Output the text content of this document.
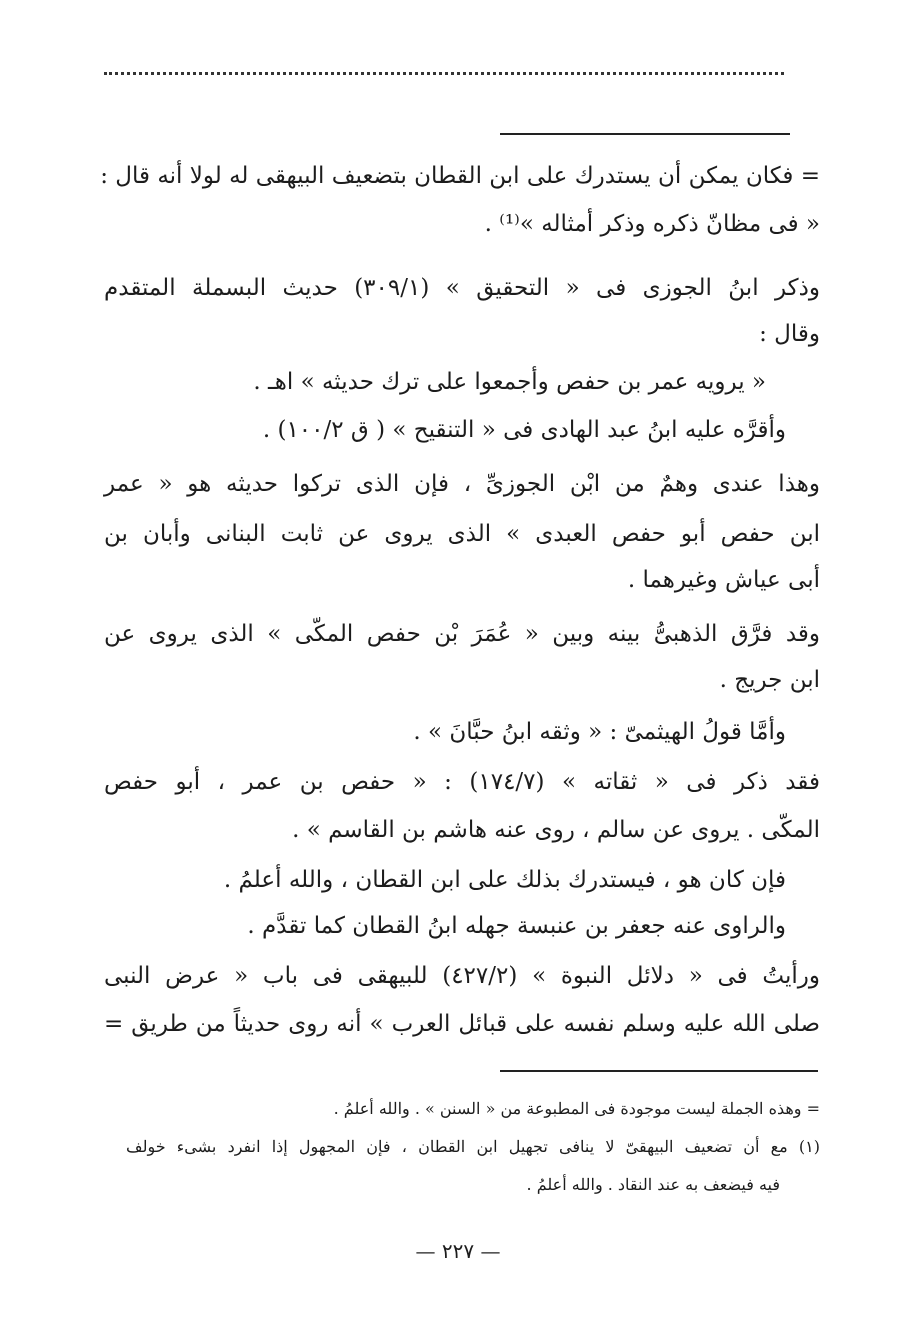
= فكان يمكن أن يستدرك على ابن القطان بتضعيف البيهقى له لولا أنه قال :
« فى مظانّ ذكره وذكر أمثاله »⁽¹⁾ .
وذكر ابنُ الجوزى فى « التحقيق » (٣٠٩/١) حديث البسملة المتقدم
وقال :
« يرويه عمر بن حفص وأجمعوا على ترك حديثه » اهـ .
وأقرَّه عليه ابنُ عبد الهادى فى « التنقيح » ( ق ١٠٠/٢) .
وهذا عندى وهمٌ من ابْن الجوزىِّ ، فإن الذى تركوا حديثه هو « عمر
ابن حفص أبو حفص العبدى » الذى يروى عن ثابت البنانى وأبان بن
أبى عياش وغيرهما .
وقد فرَّق الذهبىُّ بينه وبين « عُمَرَ بْن حفص المكّى » الذى يروى عن
ابن جريج .
وأمَّا قولُ الهيثمىّ : « وثقه ابنُ حبَّانَ » .
فقد ذكر فى « ثقاته » (١٧٤/٧) : « حفص بن عمر ، أبو حفص
المكّى . يروى عن سالم ، روى عنه هاشم بن القاسم » .
فإن كان هو ، فيستدرك بذلك على ابن القطان ، والله أعلمُ .
والراوى عنه جعفر بن عنبسة جهله ابنُ القطان كما تقدَّم .
ورأيتُ فى « دلائل النبوة » (٤٢٧/٢) للبيهقى فى باب « عرض النبى
صلى الله عليه وسلم نفسه على قبائل العرب » أنه روى حديثاً من طريق =
= وهذه الجملة ليست موجودة فى المطبوعة من « السنن » . والله أعلمُ .
(١) مع أن تضعيف البيهقىّ لا ينافى تجهيل ابن القطان ، فإن المجهول إذا انفرد بشىء خولف
فيه فيضعف به عند النقاد . والله أعلمُ .
— ٢٢٧ —
